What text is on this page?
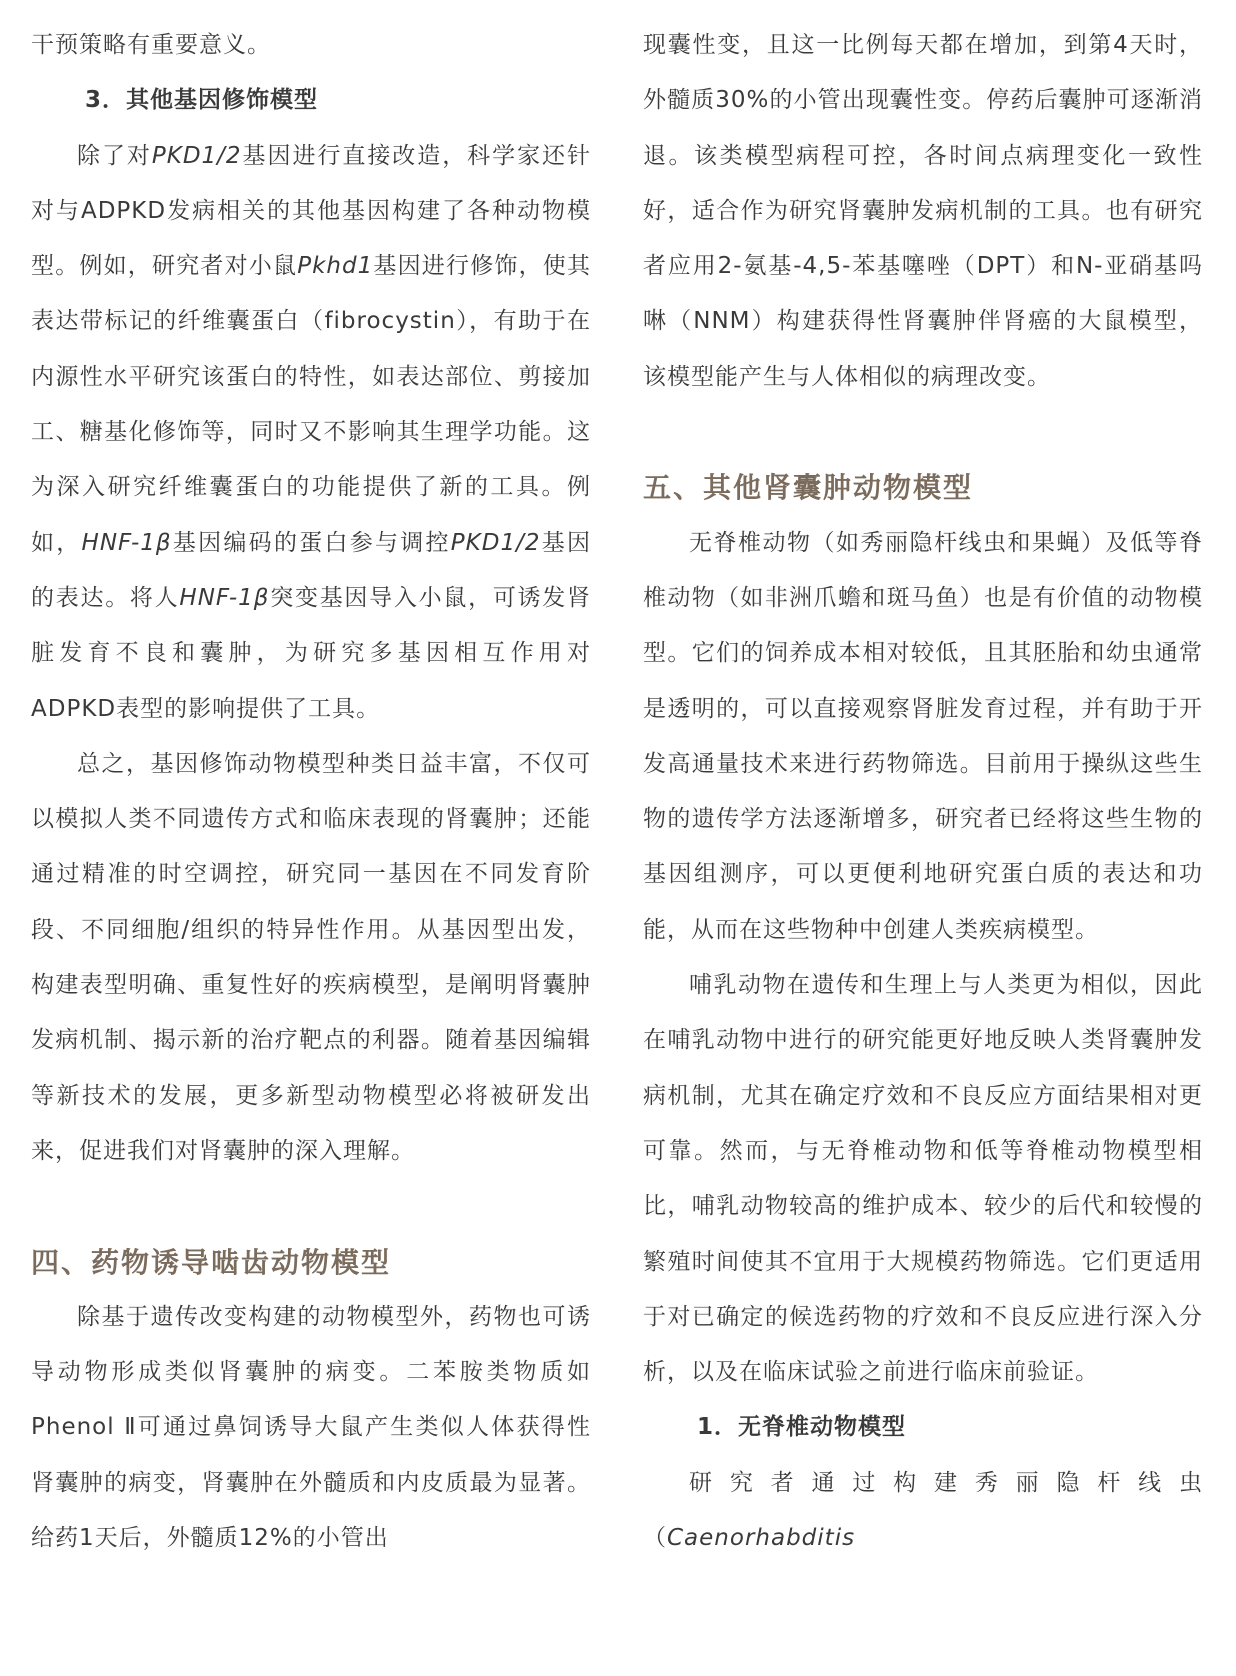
干预策略有重要意义。

3．其他基因修饰模型

除了对PKD1/2基因进行直接改造，科学家还针对与ADPKD发病相关的其他基因构建了各种动物模型。例如，研究者对小鼠Pkhd1基因进行修饰，使其表达带标记的纤维囊蛋白（fibrocystin），有助于在内源性水平研究该蛋白的特性，如表达部位、剪接加工、糖基化修饰等，同时又不影响其生理学功能。这为深入研究纤维囊蛋白的功能提供了新的工具。例如，HNF-1β基因编码的蛋白参与调控PKD1/2基因的表达。将人HNF-1β突变基因导入小鼠，可诱发肾脏发育不良和囊肿，为研究多基因相互作用对ADPKD表型的影响提供了工具。

总之，基因修饰动物模型种类日益丰富，不仅可以模拟人类不同遗传方式和临床表现的肾囊肿；还能通过精准的时空调控，研究同一基因在不同发育阶段、不同细胞/组织的特异性作用。从基因型出发，构建表型明确、重复性好的疾病模型，是阐明肾囊肿发病机制、揭示新的治疗靶点的利器。随着基因编辑等新技术的发展，更多新型动物模型必将被研发出来，促进我们对肾囊肿的深入理解。

四、药物诱导啮齿动物模型

除基于遗传改变构建的动物模型外，药物也可诱导动物形成类似肾囊肿的病变。二苯胺类物质如Phenol Ⅱ可通过鼻饲诱导大鼠产生类似人体获得性肾囊肿的病变，肾囊肿在外髓质和内皮质最为显著。给药1天后，外髓质12%的小管出

现囊性变，且这一比例每天都在增加，到第4天时，外髓质30%的小管出现囊性变。停药后囊肿可逐渐消退。该类模型病程可控，各时间点病理变化一致性好，适合作为研究肾囊肿发病机制的工具。也有研究者应用2-氨基-4,5-苯基噻唑（DPT）和N-亚硝基吗啉（NNM）构建获得性肾囊肿伴肾癌的大鼠模型，该模型能产生与人体相似的病理改变。

五、其他肾囊肿动物模型

无脊椎动物（如秀丽隐杆线虫和果蝇）及低等脊椎动物（如非洲爪蟾和斑马鱼）也是有价值的动物模型。它们的饲养成本相对较低，且其胚胎和幼虫通常是透明的，可以直接观察肾脏发育过程，并有助于开发高通量技术来进行药物筛选。目前用于操纵这些生物的遗传学方法逐渐增多，研究者已经将这些生物的基因组测序，可以更便利地研究蛋白质的表达和功能，从而在这些物种中创建人类疾病模型。

哺乳动物在遗传和生理上与人类更为相似，因此在哺乳动物中进行的研究能更好地反映人类肾囊肿发病机制，尤其在确定疗效和不良反应方面结果相对更可靠。然而，与无脊椎动物和低等脊椎动物模型相比，哺乳动物较高的维护成本、较少的后代和较慢的繁殖时间使其不宜用于大规模药物筛选。它们更适用于对已确定的候选药物的疗效和不良反应进行深入分析，以及在临床试验之前进行临床前验证。

1．无脊椎动物模型

研究者通过构建秀丽隐杆线虫（Caenorhabditis
